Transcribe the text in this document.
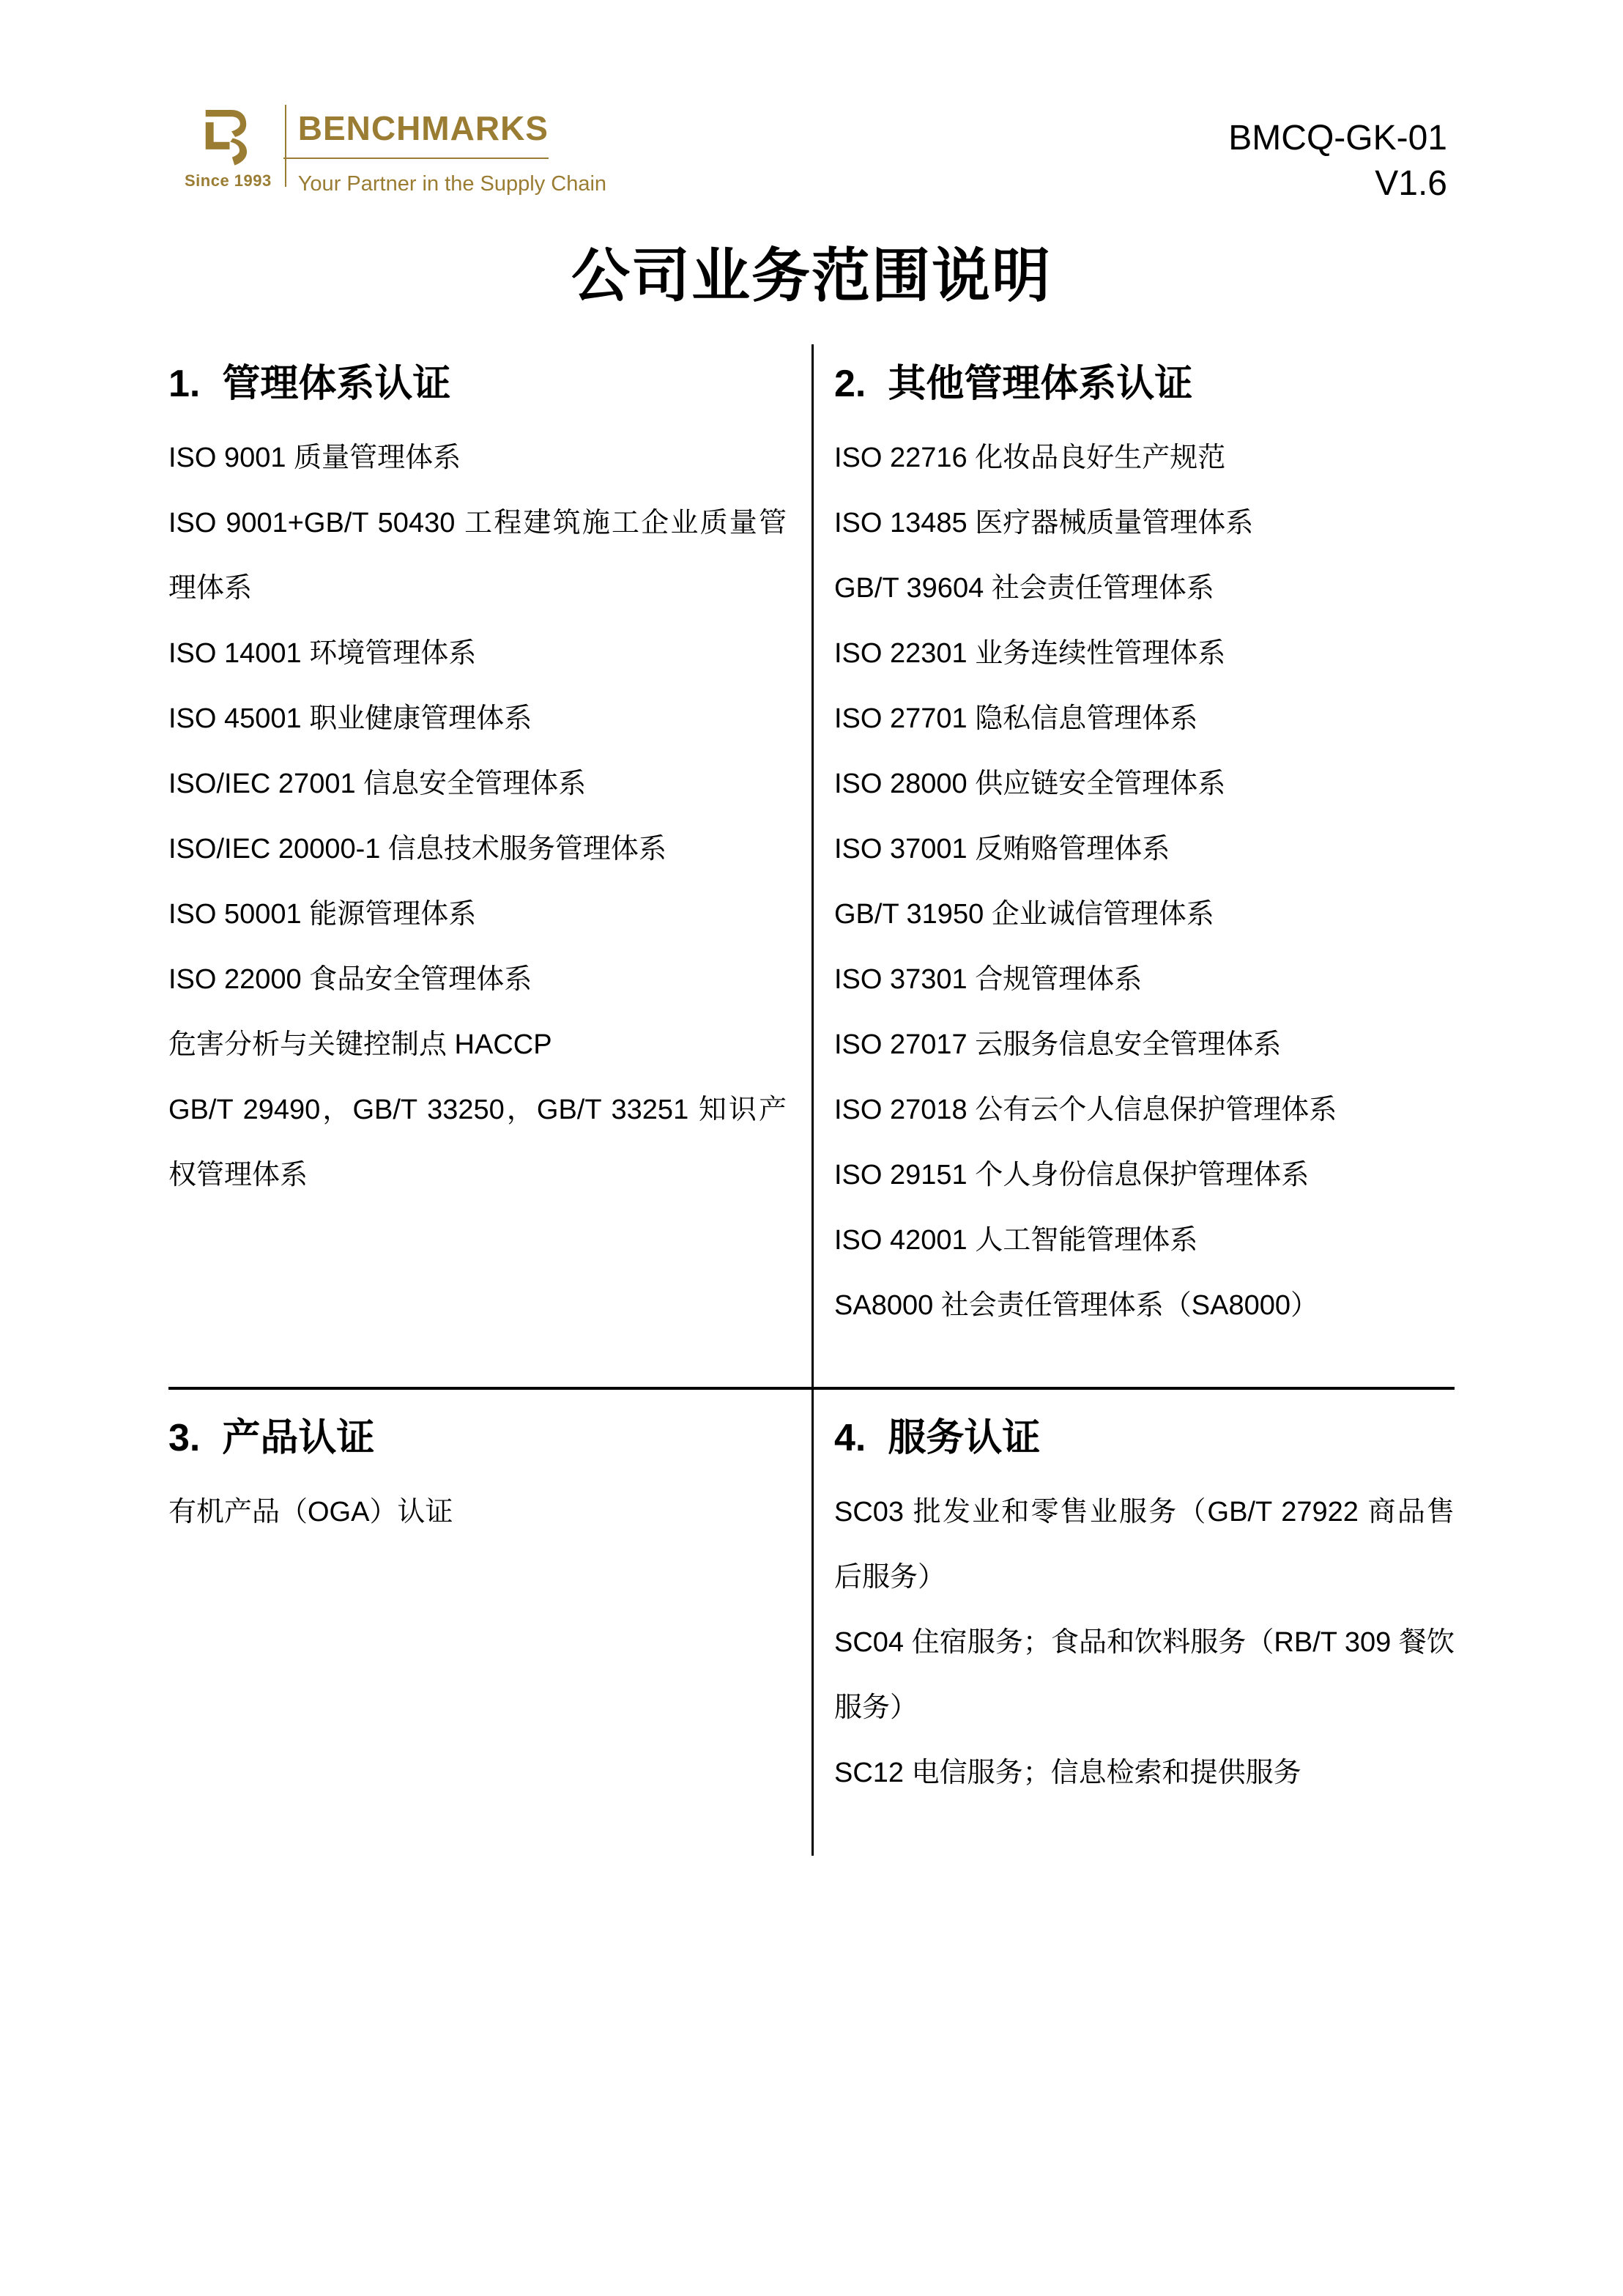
Since 1993
BENCHMARKS
Your Partner in the Supply Chain
BMCQ-GK-01
V1.6
公司业务范围说明
1. 管理体系认证

ISO 9001 质量管理体系

ISO 9001+GB/T 50430 工程建筑施工企业质量管理体系

ISO 14001 环境管理体系

ISO 45001 职业健康管理体系

ISO/IEC 27001 信息安全管理体系

ISO/IEC 20000-1 信息技术服务管理体系

ISO 50001 能源管理体系

ISO 22000 食品安全管理体系

危害分析与关键控制点 HACCP

GB/T 29490，GB/T 33250，GB/T 33251 知识产权管理体系

2. 其他管理体系认证

ISO 22716 化妆品良好生产规范

ISO 13485 医疗器械质量管理体系

GB/T 39604 社会责任管理体系

ISO 22301 业务连续性管理体系

ISO 27701 隐私信息管理体系

ISO 28000 供应链安全管理体系

ISO 37001 反贿赂管理体系

GB/T 31950 企业诚信管理体系

ISO 37301 合规管理体系

ISO 27017 云服务信息安全管理体系

ISO 27018 公有云个人信息保护管理体系

ISO 29151 个人身份信息保护管理体系

ISO 42001 人工智能管理体系

SA8000 社会责任管理体系（SA8000）

3. 产品认证

有机产品（OGA）认证

4. 服务认证

SC03 批发业和零售业服务（GB/T 27922 商品售后服务）

SC04 住宿服务；食品和饮料服务（RB/T 309 餐饮服务）

SC12 电信服务；信息检索和提供服务
